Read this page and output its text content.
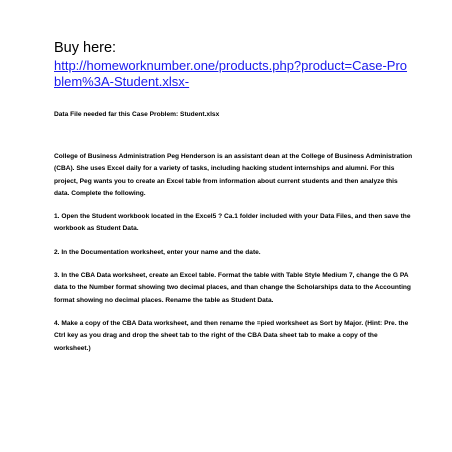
Buy here:
http://homeworknumber.one/products.php?product=Case-Problem%3A-Student.xlsx-
Data File needed far this Case Problem: Student.xlsx

College of Business Administration Peg Henderson is an assistant dean at the College of Business Administration (CBA). She uses Excel daily for a variety of tasks, including hacking student internships and alumni. For this project, Peg wants you to create an Excel table from information about current students and then analyze this data. Complete the following.

1. Open the Student workbook located in the Excel5 ? Ca.1 folder included with your Data Files, and then save the workbook as Student Data.

2. In the Documentation worksheet, enter your name and the date.

3. In the CBA Data worksheet, create an Excel table. Format the table with Table Style Medium 7, change the G PA data to the Number format showing two decimal places, and than change the Scholarships data to the Accounting format showing no decimal places. Rename the table as Student Data.

4. Make a copy of the CBA Data worksheet, and then rename the =pied worksheet as Sort by Major. (Hint: Pre. the Ctrl key as you drag and drop the sheet tab to the right of the CBA Data sheet tab to make a copy of the worksheet.)
